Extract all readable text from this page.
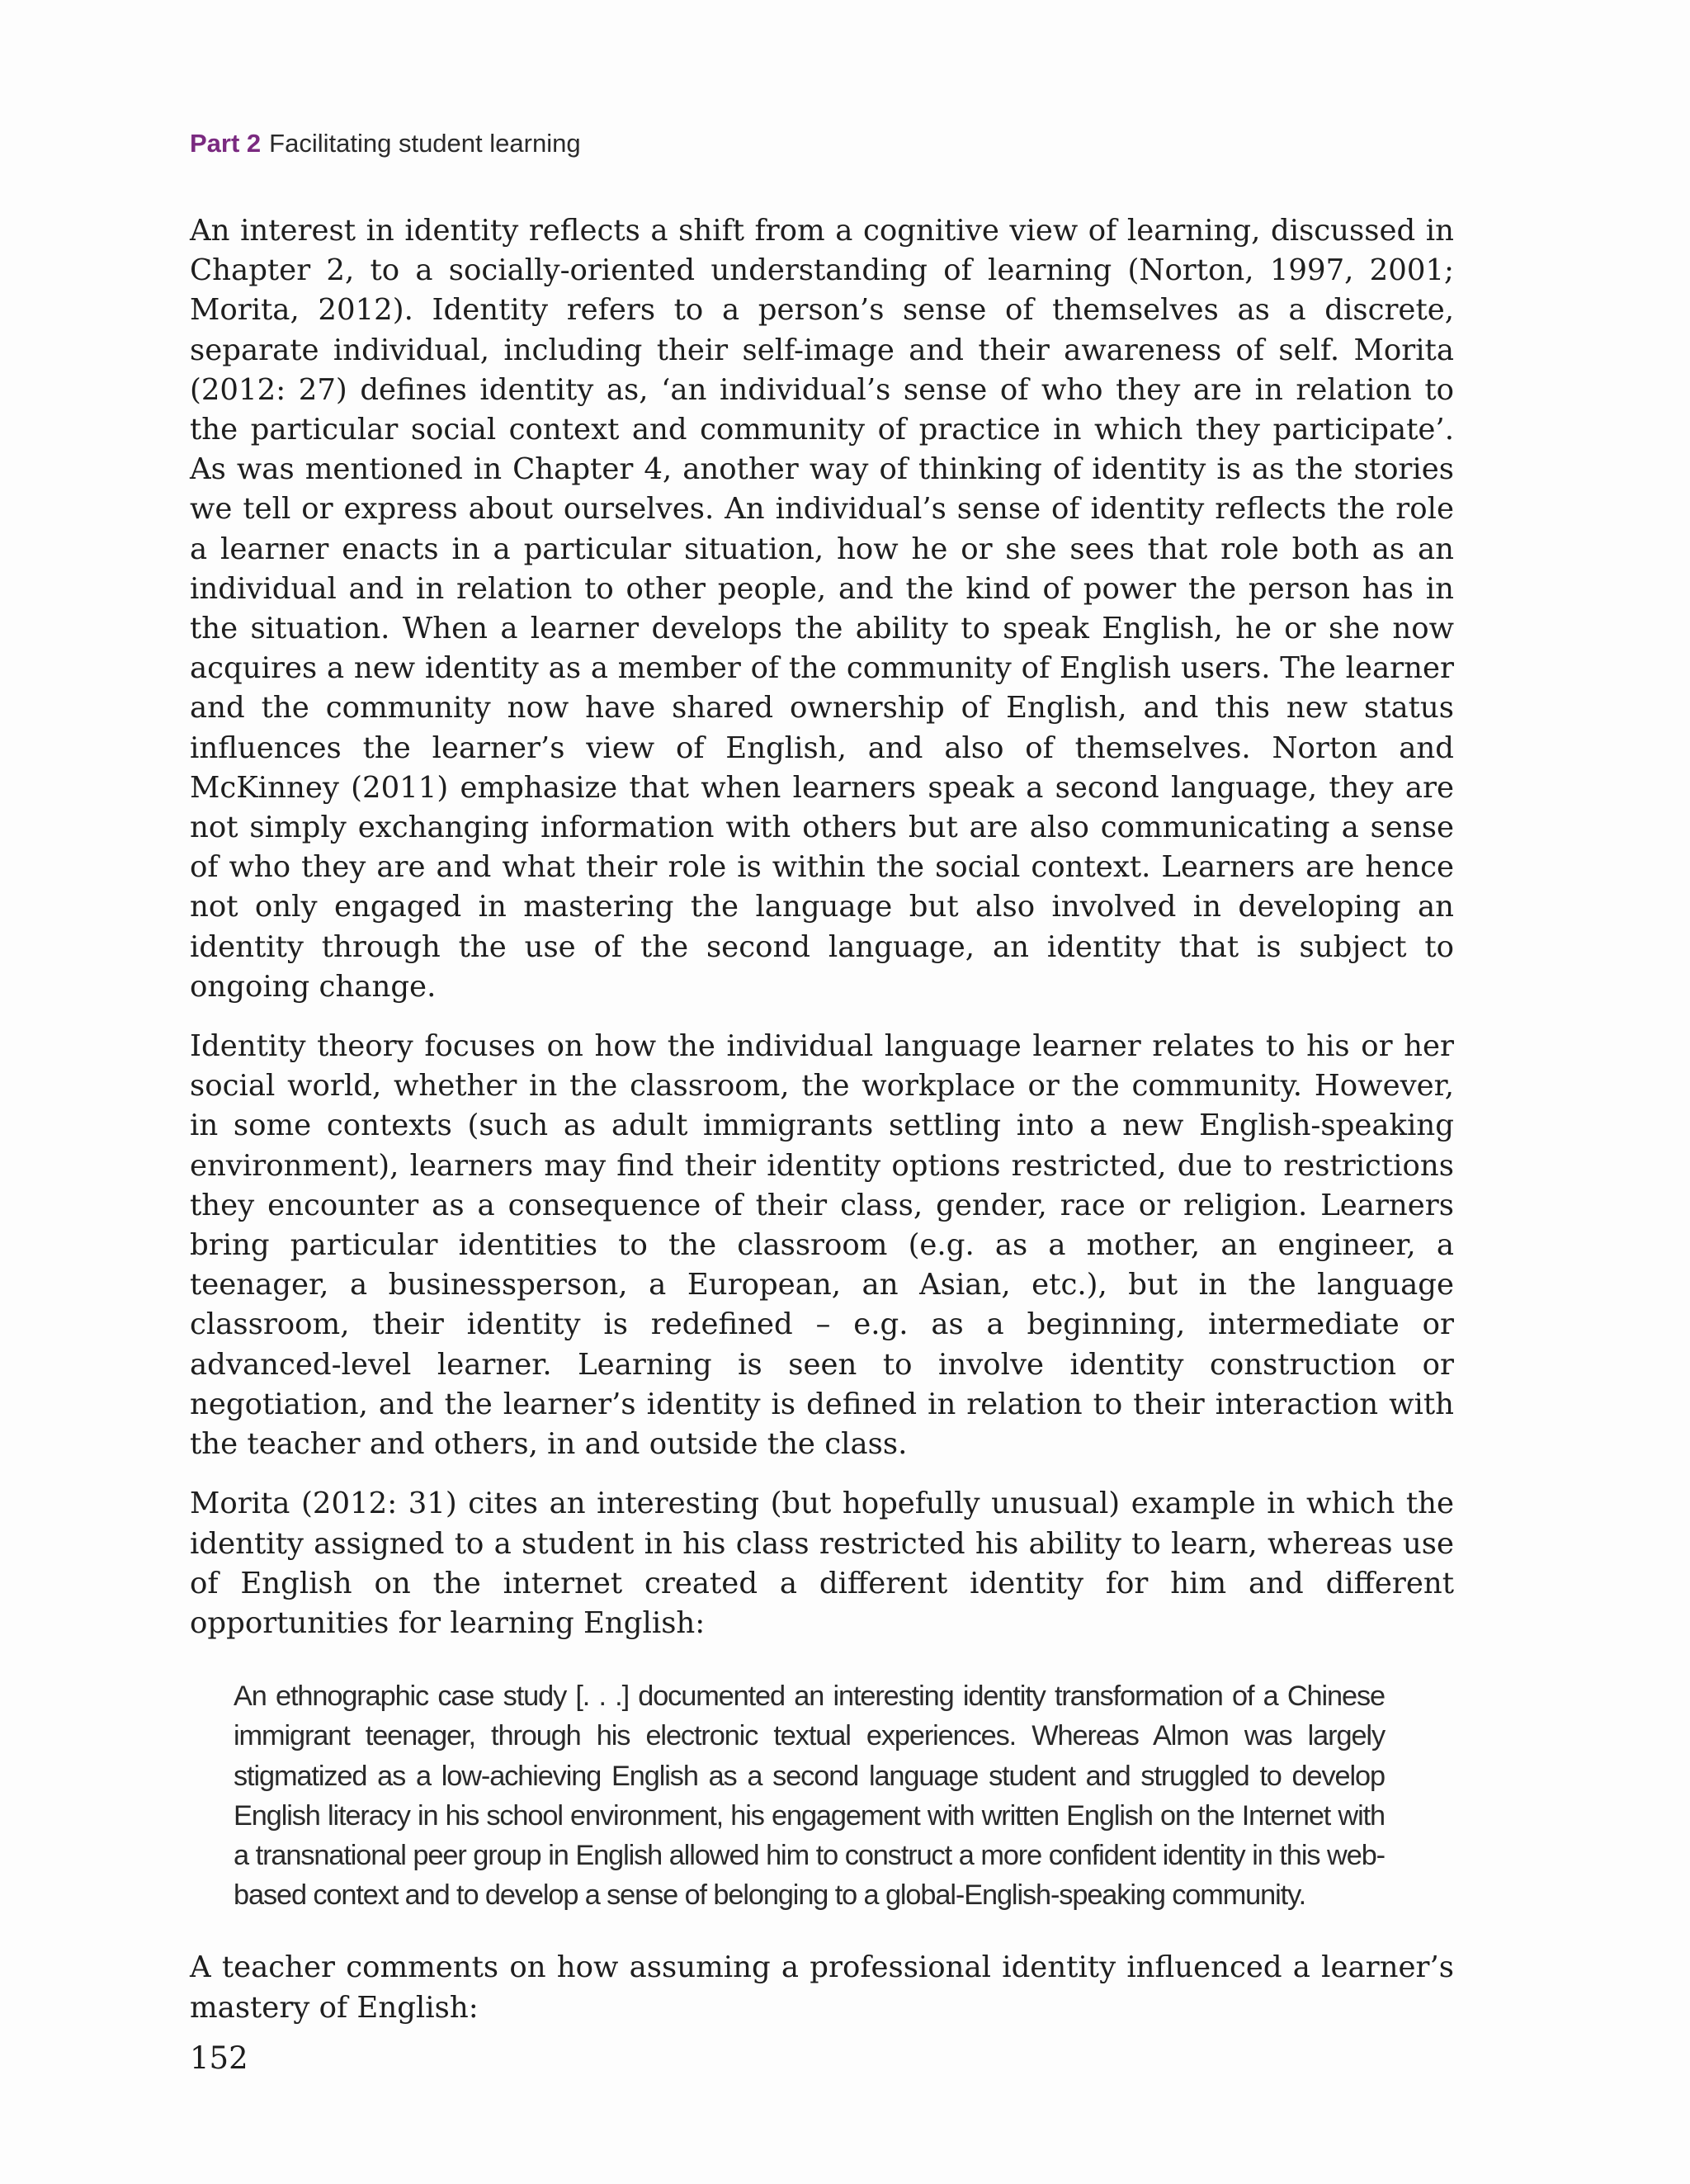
Part 2 Facilitating student learning

An interest in identity reflects a shift from a cognitive view of learning, discussed in Chapter 2, to a socially-oriented understanding of learning (Norton, 1997, 2001; Morita, 2012). Identity refers to a person’s sense of themselves as a discrete, separate individual, including their self-image and their awareness of self. Morita (2012: 27) defines identity as, ‘an individual’s sense of who they are in relation to the particular social context and community of practice in which they participate’. As was mentioned in Chapter 4, another way of thinking of identity is as the stories we tell or express about ourselves. An individual’s sense of identity reflects the role a learner enacts in a particular situation, how he or she sees that role both as an individual and in relation to other people, and the kind of power the person has in the situation. When a learner develops the ability to speak English, he or she now acquires a new identity as a member of the community of English users. The learner and the community now have shared ownership of English, and this new status influences the learner’s view of English, and also of themselves. Norton and McKinney (2011) emphasize that when learners speak a second language, they are not simply exchanging information with others but are also communicating a sense of who they are and what their role is within the social context. Learners are hence not only engaged in mastering the language but also involved in developing an identity through the use of the second language, an identity that is subject to ongoing change.

Identity theory focuses on how the individual language learner relates to his or her social world, whether in the classroom, the workplace or the community. However, in some contexts (such as adult immigrants settling into a new English-speaking environment), learners may find their identity options restricted, due to restrictions they encounter as a consequence of their class, gender, race or religion. Learners bring particular identities to the classroom (e.g. as a mother, an engineer, a teenager, a businessperson, a European, an Asian, etc.), but in the language classroom, their identity is redefined – e.g. as a beginning, intermediate or advanced-level learner. Learning is seen to involve identity construction or negotiation, and the learner’s identity is defined in relation to their interaction with the teacher and others, in and outside the class.

Morita (2012: 31) cites an interesting (but hopefully unusual) example in which the identity assigned to a student in his class restricted his ability to learn, whereas use of English on the internet created a different identity for him and different opportunities for learning English:

An ethnographic case study [. . .] documented an interesting identity transformation of a Chinese immigrant teenager, through his electronic textual experiences. Whereas Almon was largely stigmatized as a low-achieving English as a second language student and struggled to develop English literacy in his school environment, his engagement with written English on the Internet with a transnational peer group in English allowed him to construct a more confident identity in this web-based context and to develop a sense of belonging to a global-English-speaking community.

A teacher comments on how assuming a professional identity influenced a learner’s mastery of English:

152
